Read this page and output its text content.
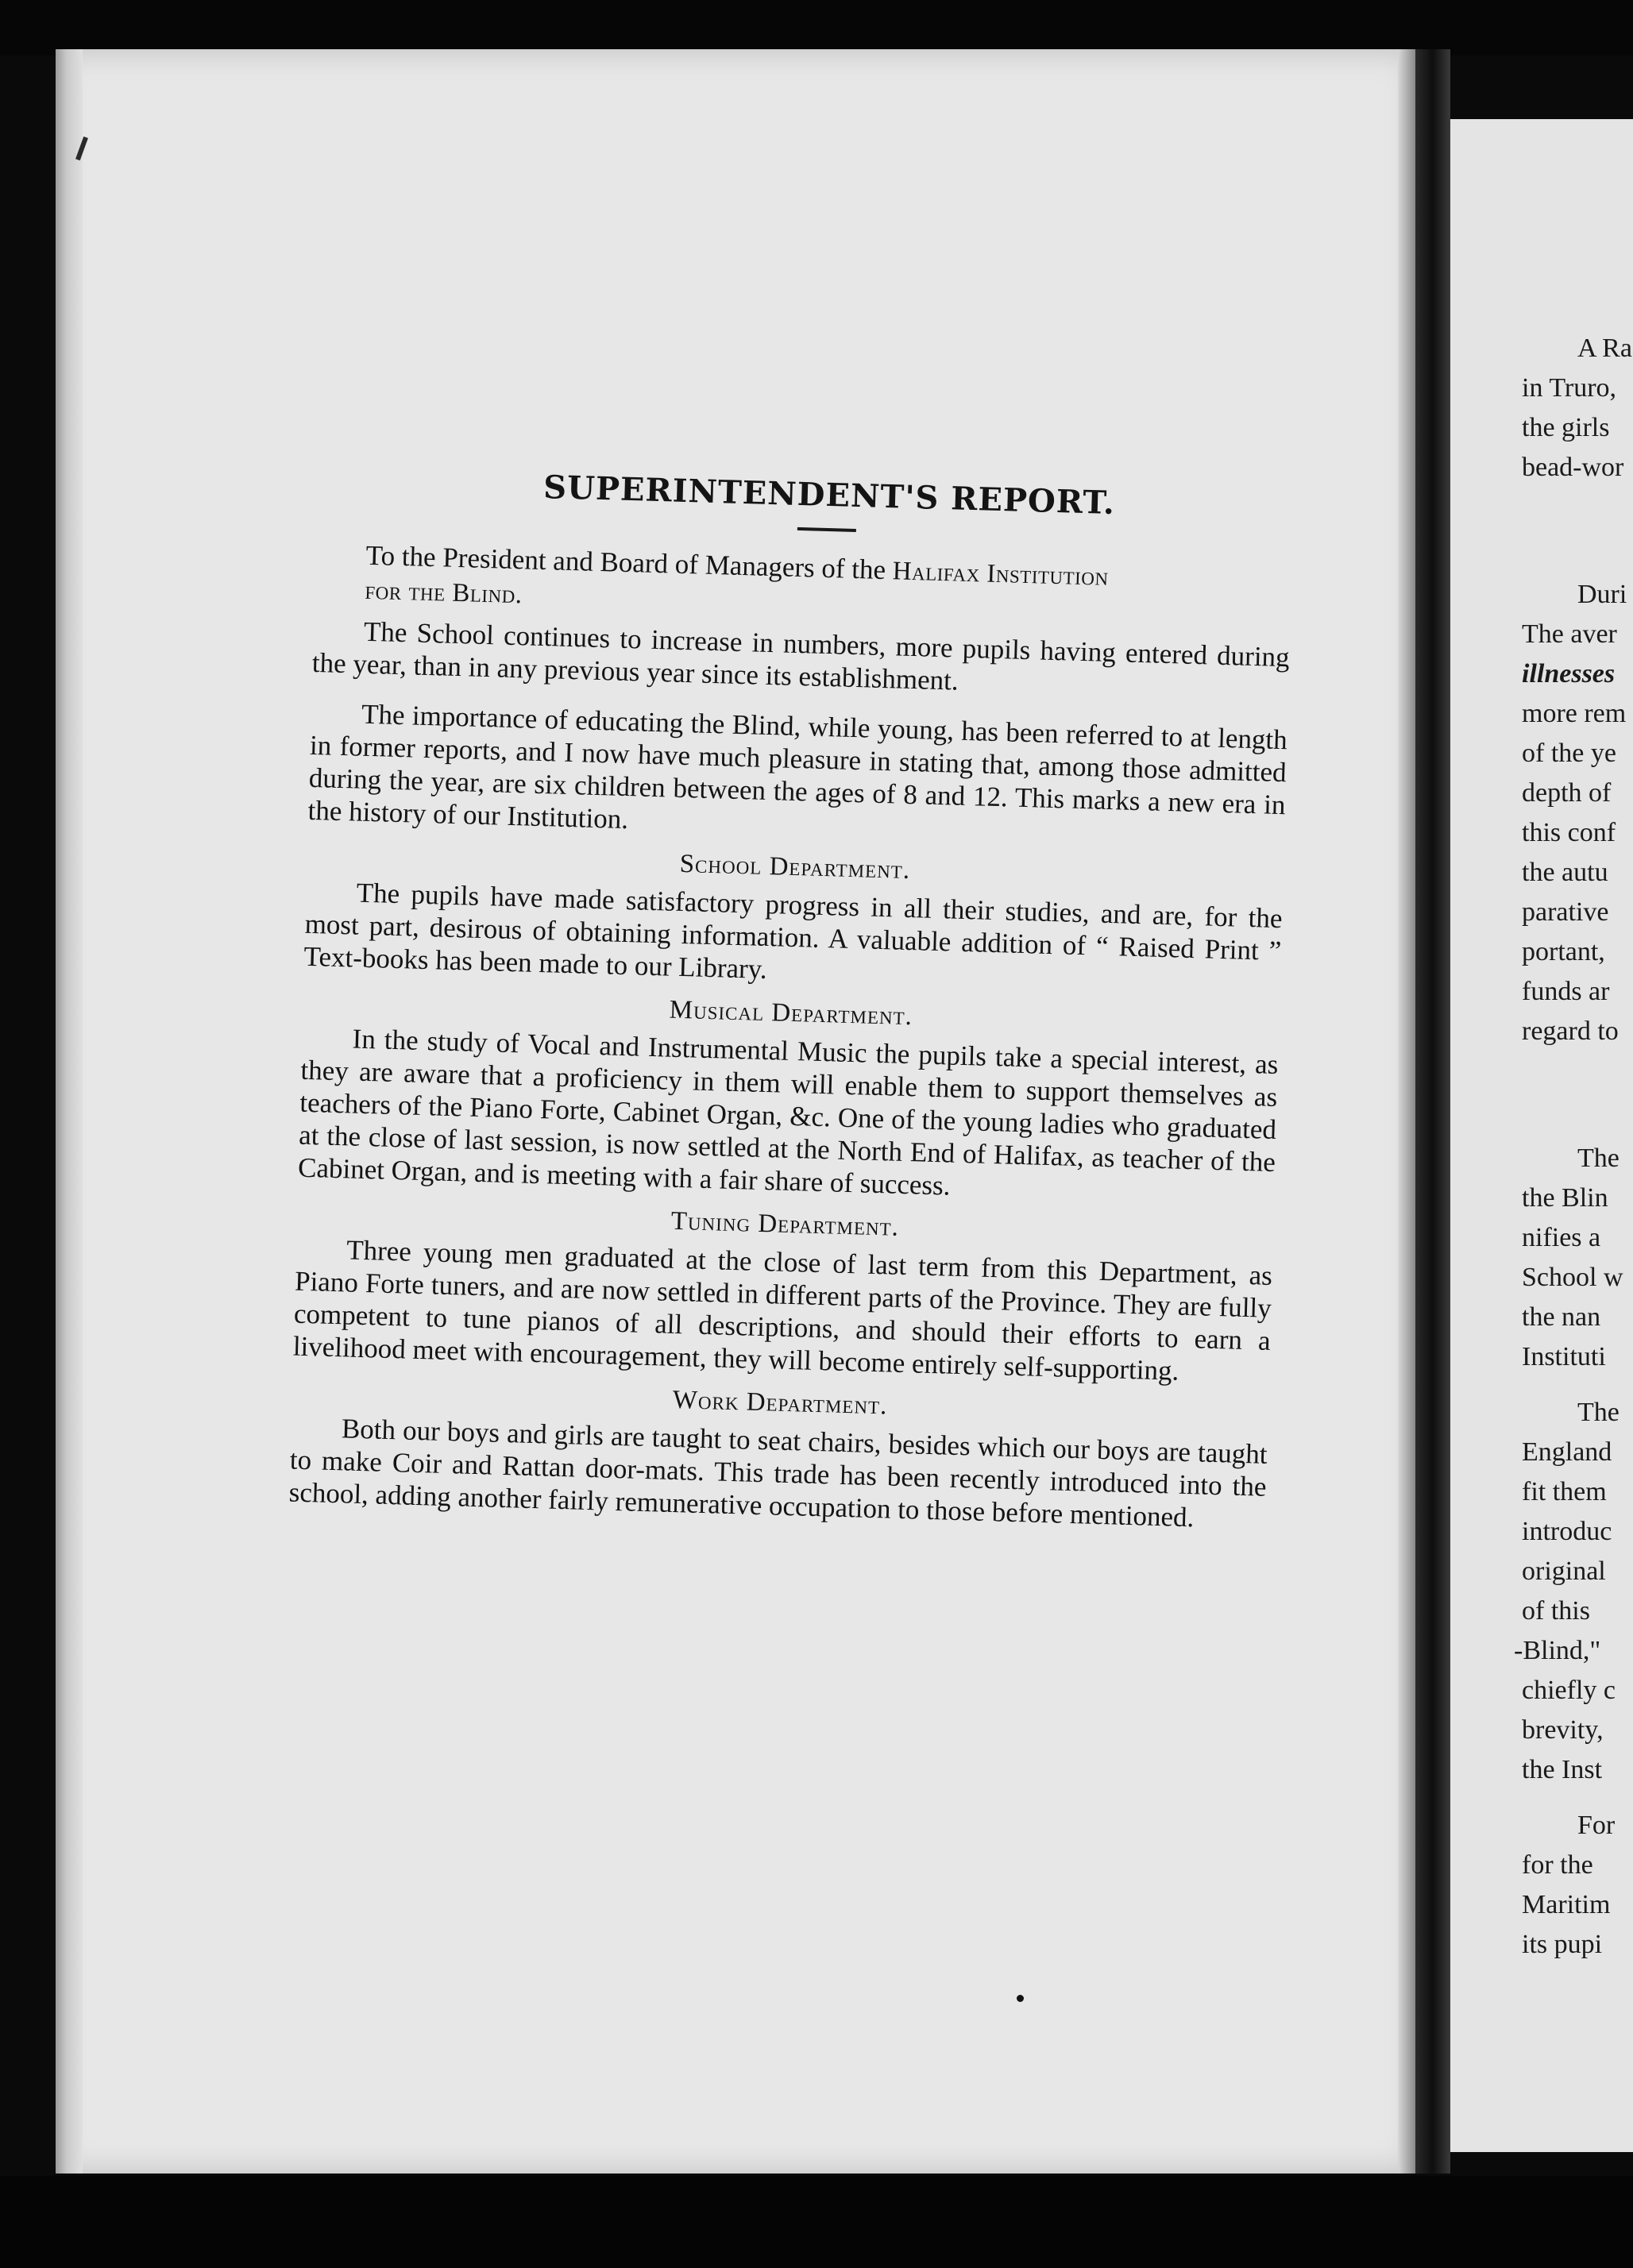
SUPERINTENDENT'S REPORT.

To the President and Board of Managers of the Halifax Institution
for the Blind.

The School continues to increase in numbers, more pupils having entered during the year, than in any previous year since its establishment.

The importance of educating the Blind, while young, has been referred to at length in former reports, and I now have much pleasure in stating that, among those admitted during the year, are six children between the ages of 8 and 12. This marks a new era in the history of our Institution.

School Department.

The pupils have made satisfactory progress in all their studies, and are, for the most part, desirous of obtaining information. A valuable addition of “ Raised Print ” Text-books has been made to our Library.

Musical Department.

In the study of Vocal and Instrumental Music the pupils take a special interest, as they are aware that a proficiency in them will enable them to support themselves as teachers of the Piano Forte, Cabinet Organ, &c. One of the young ladies who graduated at the close of last session, is now settled at the North End of Halifax, as teacher of the Cabinet Organ, and is meeting with a fair share of success.

Tuning Department.

Three young men graduated at the close of last term from this Department, as Piano Forte tuners, and are now settled in different parts of the Province. They are fully competent to tune pianos of all descriptions, and should their efforts to earn a livelihood meet with encouragement, they will become entirely self-supporting.

Work Department.

Both our boys and girls are taught to seat chairs, besides which our boys are taught to make Coir and Rattan door-mats. This trade has been recently introduced into the school, adding another fairly remunerative occupation to those before mentioned.

A Ra
in Truro,
the girls
bead-wor
Duri
The aver
illnesses
more rem
of the ye
depth of
this conf
the autu
parative
portant,
funds ar
regard to
The
the Blin
nifies a
School w
the nan
Instituti
The
England
fit them
introduc
original
of this
-Blind,"
chiefly c
brevity,
the Inst
For
for the
Maritim
its pupi
